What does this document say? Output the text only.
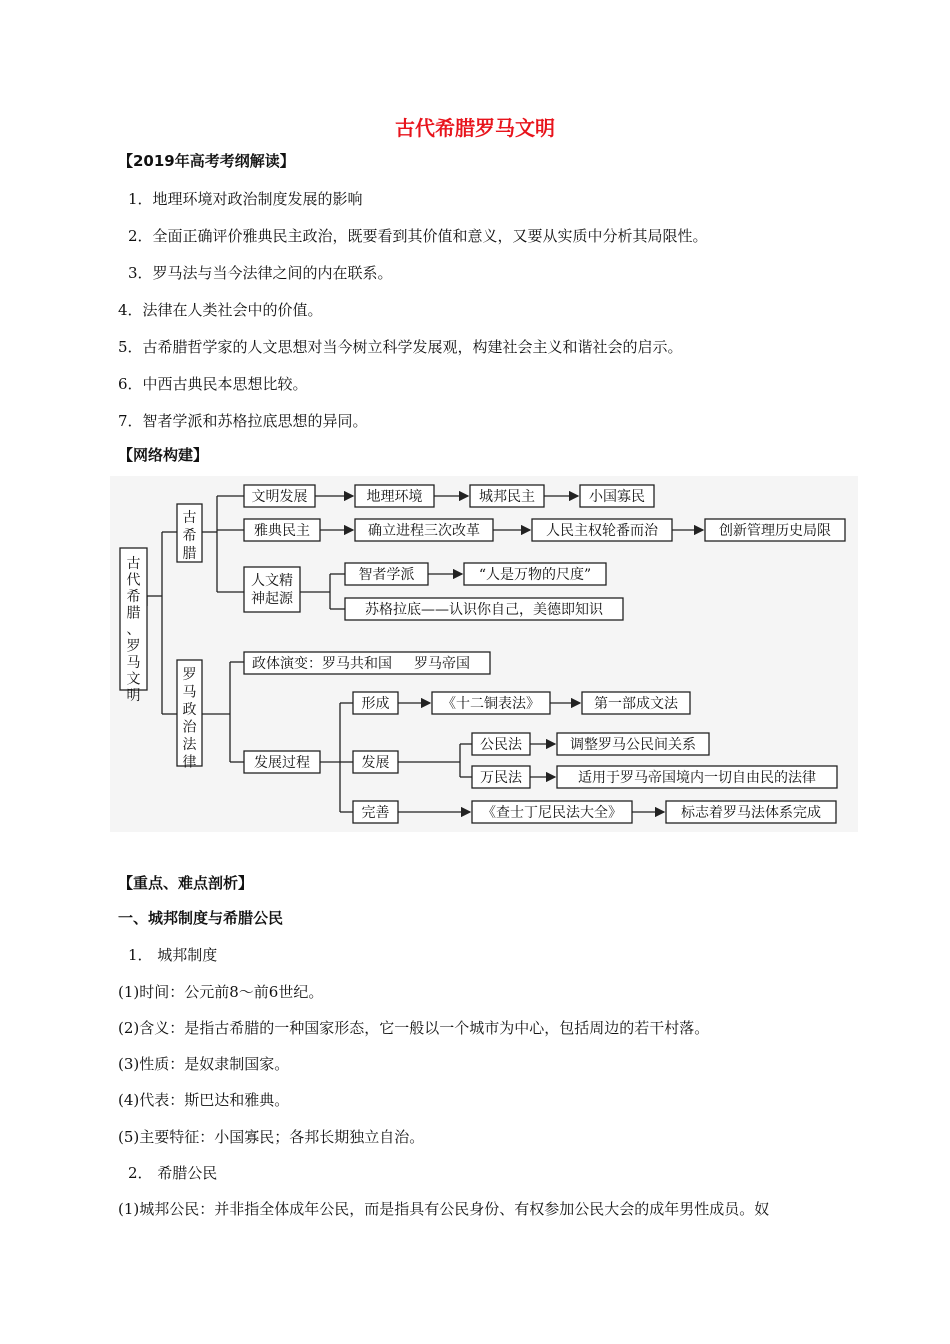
古代希腊罗马文明
【2019年高考考纲解读】
1．地理环境对政治制度发展的影响
2．全面正确评价雅典民主政治，既要看到其价值和意义，又要从实质中分析其局限性。
3．罗马法与当今法律之间的内在联系。
4．法律在人类社会中的价值。
5．古希腊哲学家的人文思想对当今树立科学发展观，构建社会主义和谐社会的启示。
6．中西古典民本思想比较。
7．智者学派和苏格拉底思想的异同。
【网络构建】
古代希腊、罗马文明
古希腊
文明发展	地理环境	城邦民主	小国寡民
雅典民主	确立进程三次改革	人民主权轮番而治	创新管理历史局限
人文精神起源
智者学派	“人是万物的尺度”
苏格拉底——认识你自己，美德即知识
罗马政治法律
政体演变：罗马共和国 罗马帝国
发展过程
形成	《十二铜表法》	第一部成文法
发展
公民法	调整罗马公民间关系
万民法	适用于罗马帝国境内一切自由民的法律
完善	《查士丁尼民法大全》	标志着罗马法体系完成
【重点、难点剖析】
一、城邦制度与希腊公民
1． 城邦制度
(1)时间：公元前8～前6世纪。
(2)含义：是指古希腊的一种国家形态，它一般以一个城市为中心，包括周边的若干村落。
(3)性质：是奴隶制国家。
(4)代表：斯巴达和雅典。
(5)主要特征：小国寡民；各邦长期独立自治。
2． 希腊公民
(1)城邦公民：并非指全体成年公民，而是指具有公民身份、有权参加公民大会的成年男性成员。奴
